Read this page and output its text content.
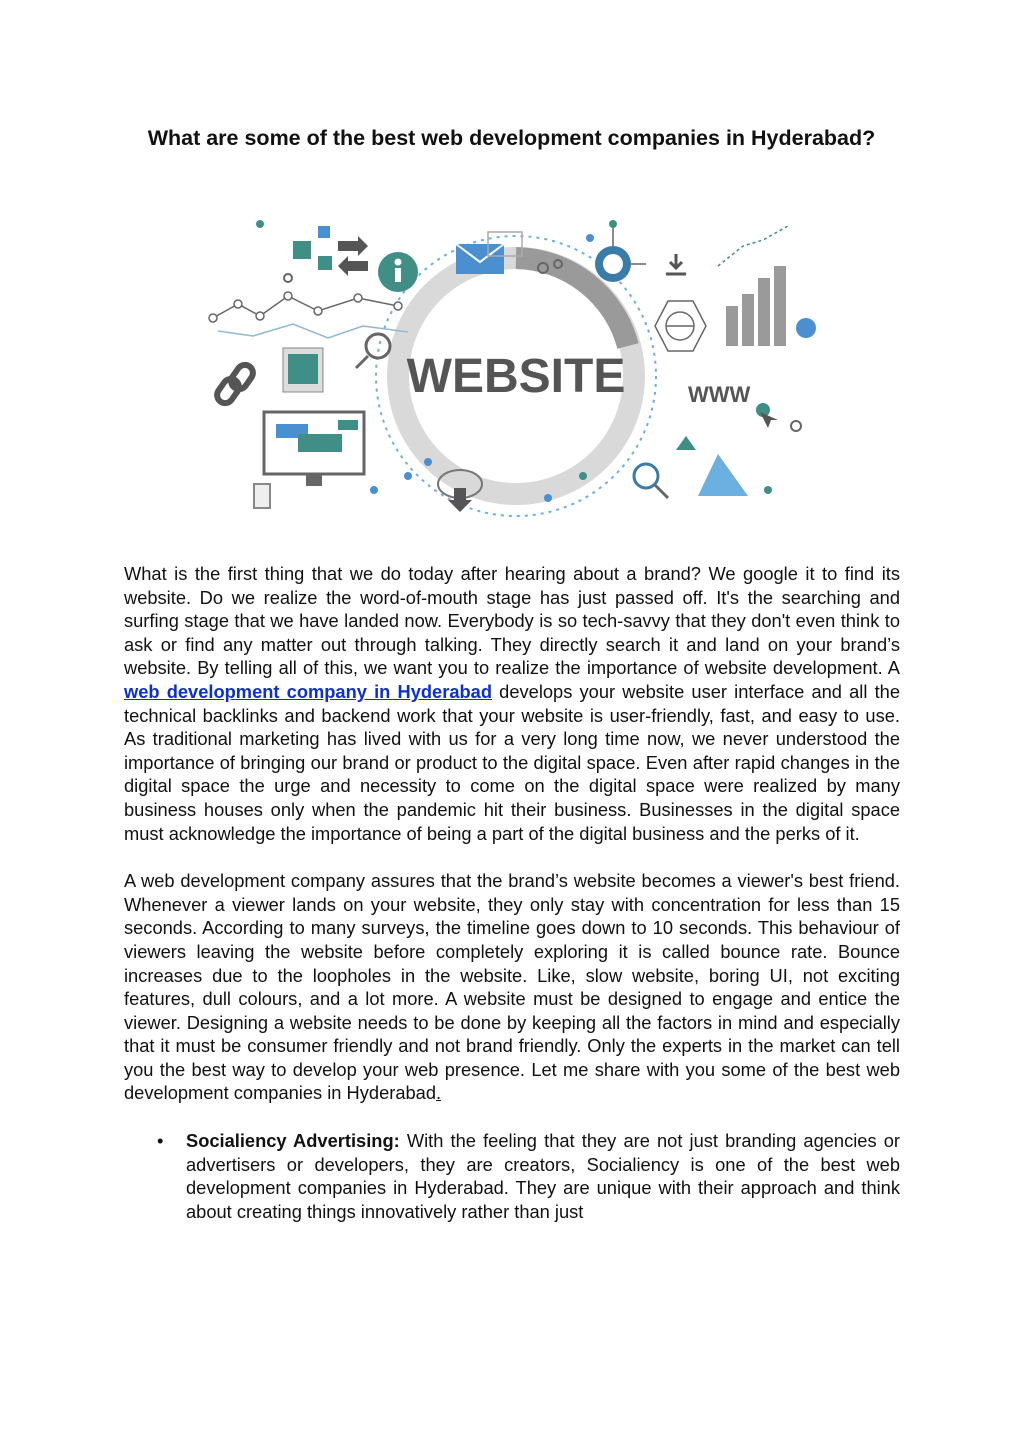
What are some of the best web development companies in Hyderabad?
WEBSITE	WWW

What is the first thing that we do today after hearing about a brand? We google it to find its website. Do we realize the word-of-mouth stage has just passed off. It's the searching and surfing stage that we have landed now. Everybody is so tech-savvy that they don't even think to ask or find any matter out through talking. They directly search it and land on your brand’s website. By telling all of this, we want you to realize the importance of website development. A web development company in Hyderabad develops your website user interface and all the technical backlinks and backend work that your website is user-friendly, fast, and easy to use. As traditional marketing has lived with us for a very long time now, we never understood the importance of bringing our brand or product to the digital space. Even after rapid changes in the digital space the urge and necessity to come on the digital space were realized by many business houses only when the pandemic hit their business. Businesses in the digital space must acknowledge the importance of being a part of the digital business and the perks of it.

A web development company assures that the brand’s website becomes a viewer's best friend. Whenever a viewer lands on your website, they only stay with concentration for less than 15 seconds. According to many surveys, the timeline goes down to 10 seconds. This behaviour of viewers leaving the website before completely exploring it is called bounce rate. Bounce increases due to the loopholes in the website. Like, slow website, boring UI, not exciting features, dull colours, and a lot more. A website must be designed to engage and entice the viewer. Designing a website needs to be done by keeping all the factors in mind and especially that it must be consumer friendly and not brand friendly. Only the experts in the market can tell you the best way to develop your web presence. Let me share with you some of the best web development companies in Hyderabad.

• Socialiency Advertising: With the feeling that they are not just branding agencies or advertisers or developers, they are creators, Socialiency is one of the best web development companies in Hyderabad. They are unique with their approach and think about creating things innovatively rather than just
